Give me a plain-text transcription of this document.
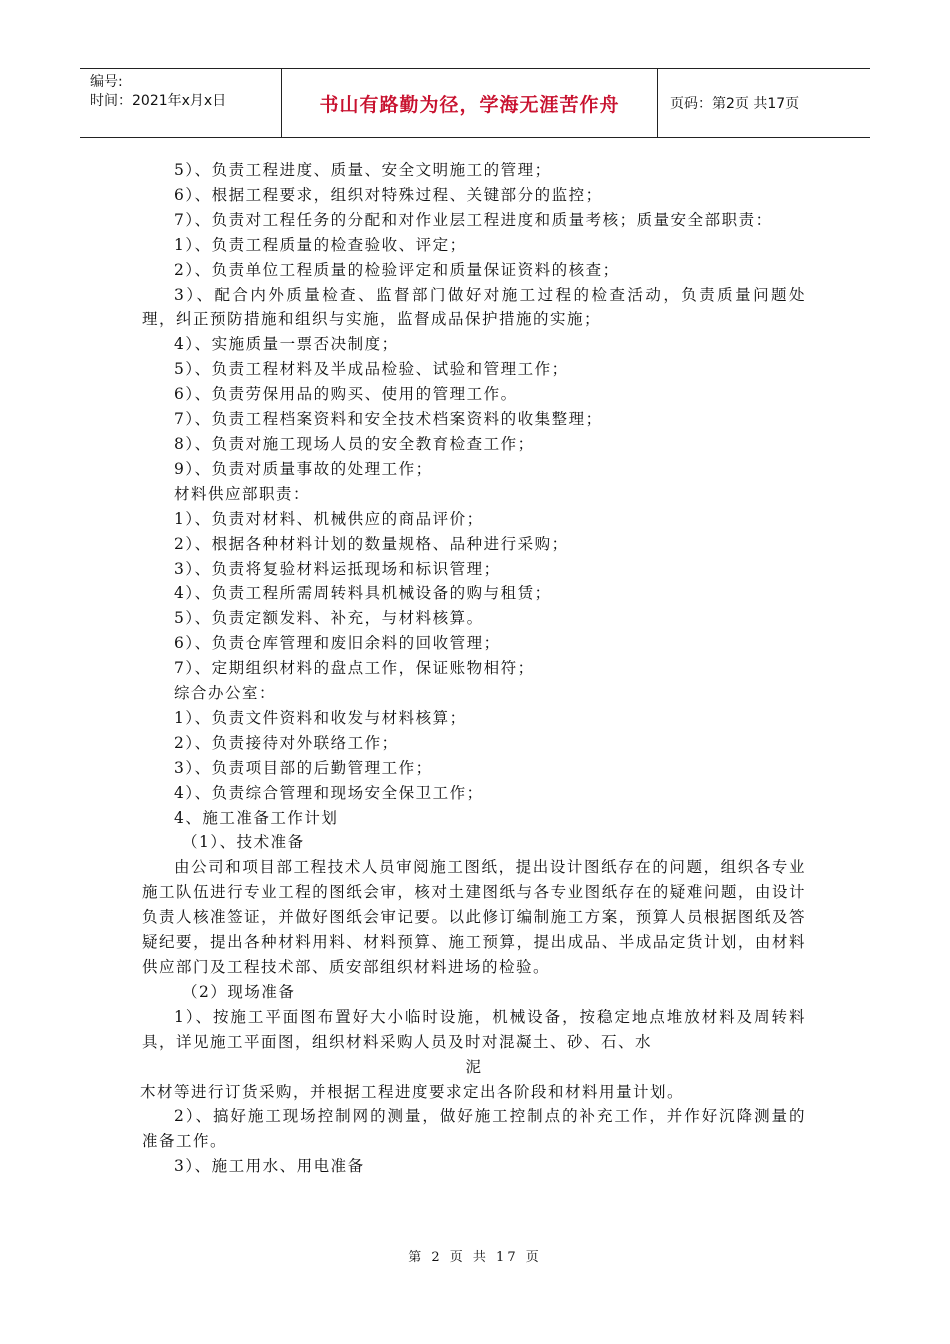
编号:
时间：2021年x月x日	书山有路勤为径，学海无涯苦作舟	页码：第2页 共17页

5）、负责工程进度、质量、安全文明施工的管理；

6）、根据工程要求，组织对特殊过程、关键部分的监控；

7）、负责对工程任务的分配和对作业层工程进度和质量考核；质量安全部职责：

1）、负责工程质量的检查验收、评定；

2）、负责单位工程质量的检验评定和质量保证资料的核查；

3）、配合内外质量检查、监督部门做好对施工过程的检查活动，负责质量问题处理，纠正预防措施和组织与实施，监督成品保护措施的实施；

4）、实施质量一票否决制度；

5）、负责工程材料及半成品检验、试验和管理工作；

6）、负责劳保用品的购买、使用的管理工作。

7）、负责工程档案资料和安全技术档案资料的收集整理；

8）、负责对施工现场人员的安全教育检查工作；

9）、负责对质量事故的处理工作；

材料供应部职责：

1）、负责对材料、机械供应的商品评价；

2）、根据各种材料计划的数量规格、品种进行采购；

3）、负责将复验材料运抵现场和标识管理；

4）、负责工程所需周转料具机械设备的购与租赁；

5）、负责定额发料、补充，与材料核算。

6）、负责仓库管理和废旧余料的回收管理；

7）、定期组织材料的盘点工作，保证账物相符；

综合办公室：

1）、负责文件资料和收发与材料核算；

2）、负责接待对外联络工作；

3）、负责项目部的后勤管理工作；

4）、负责综合管理和现场安全保卫工作；

4、施工准备工作计划

（1）、技术准备

由公司和项目部工程技术人员审阅施工图纸，提出设计图纸存在的问题，组织各专业施工队伍进行专业工程的图纸会审，核对土建图纸与各专业图纸存在的疑难问题，由设计负责人核准签证，并做好图纸会审记要。以此修订编制施工方案，预算人员根据图纸及答疑纪要，提出各种材料用料、材料预算、施工预算，提出成品、半成品定货计划，由材料供应部门及工程技术部、质安部组织材料进场的检验。

（2）现场准备

1）、按施工平面图布置好大小临时设施，机械设备，按稳定地点堆放材料及周转料具，详见施工平面图，组织材料采购人员及时对混凝土、砂、石、水

泥

木材等进行订货采购，并根据工程进度要求定出各阶段和材料用量计划。

2）、搞好施工现场控制网的测量，做好施工控制点的补充工作，并作好沉降测量的准备工作。

3）、施工用水、用电准备

第 2 页 共 17 页
